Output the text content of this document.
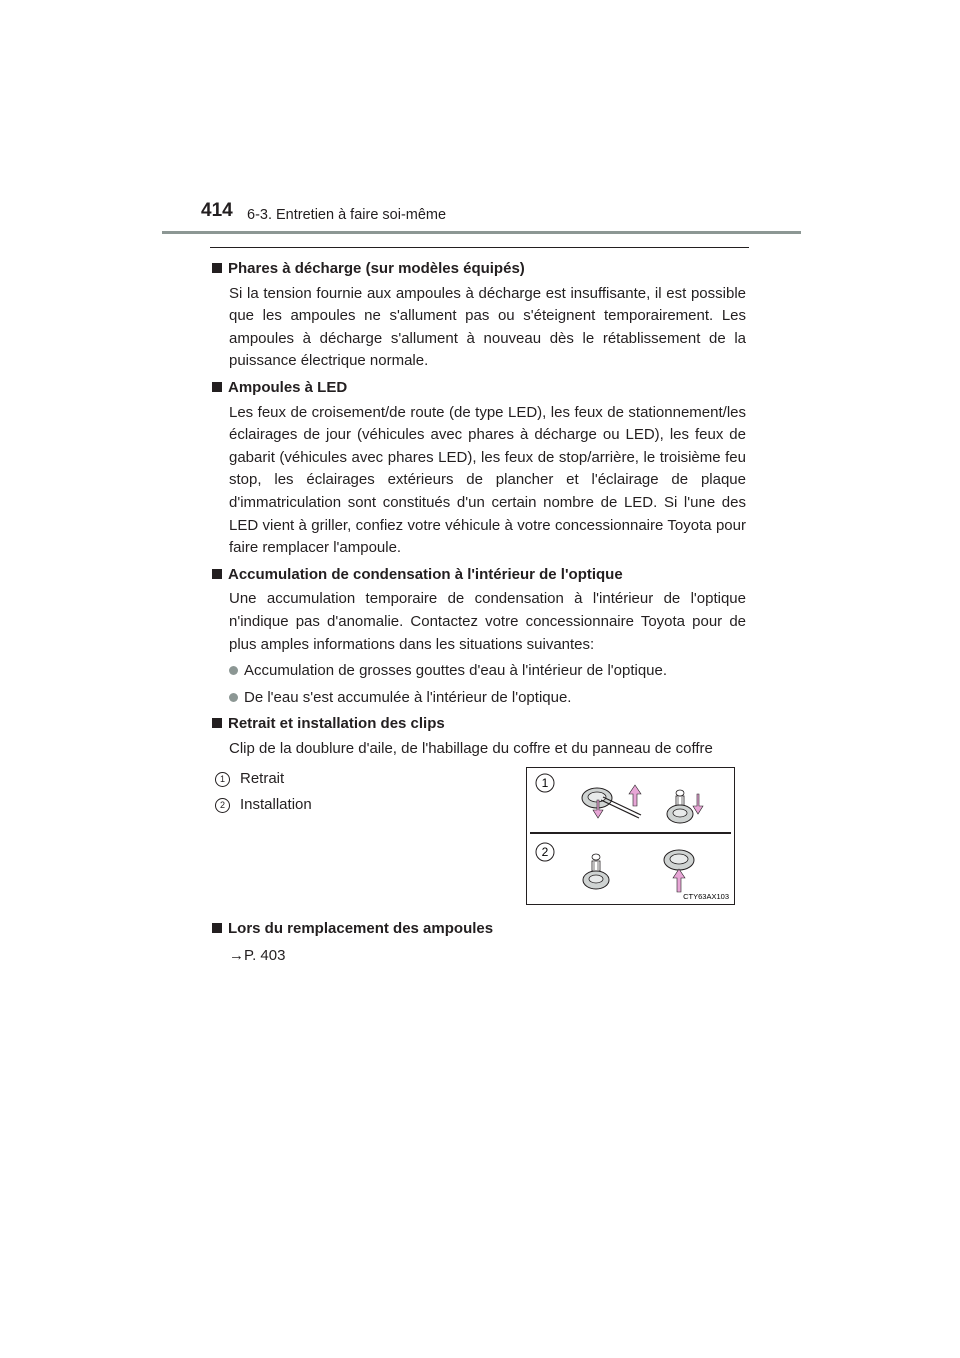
414 6-3. Entretien à faire soi-même
Phares à décharge (sur modèles équipés)
Si la tension fournie aux ampoules à décharge est insuffisante, il est possible que les ampoules ne s'allument pas ou s'éteignent temporairement. Les ampoules à décharge s'allument à nouveau dès le rétablissement de la puissance électrique normale.
Ampoules à LED
Les feux de croisement/de route (de type LED), les feux de stationnement/les éclairages de jour (véhicules avec phares à décharge ou LED), les feux de gabarit (véhicules avec phares LED), les feux de stop/arrière, le troisième feu stop, les éclairages extérieurs de plancher et l'éclairage de plaque d'immatriculation sont constitués d'un certain nombre de LED. Si l'une des LED vient à griller, confiez votre véhicule à votre concessionnaire Toyota pour faire remplacer l'ampoule.
Accumulation de condensation à l'intérieur de l'optique
Une accumulation temporaire de condensation à l'intérieur de l'optique n'indique pas d'anomalie. Contactez votre concessionnaire Toyota pour de plus amples informations dans les situations suivantes:
Accumulation de grosses gouttes d'eau à l'intérieur de l'optique.
De l'eau s'est accumulée à l'intérieur de l'optique.
Retrait et installation des clips
Clip de la doublure d'aile, de l'habillage du coffre et du panneau de coffre
1	Retrait
2	Installation
1
2
CTY63AX103
Lors du remplacement des ampoules
→P. 403
